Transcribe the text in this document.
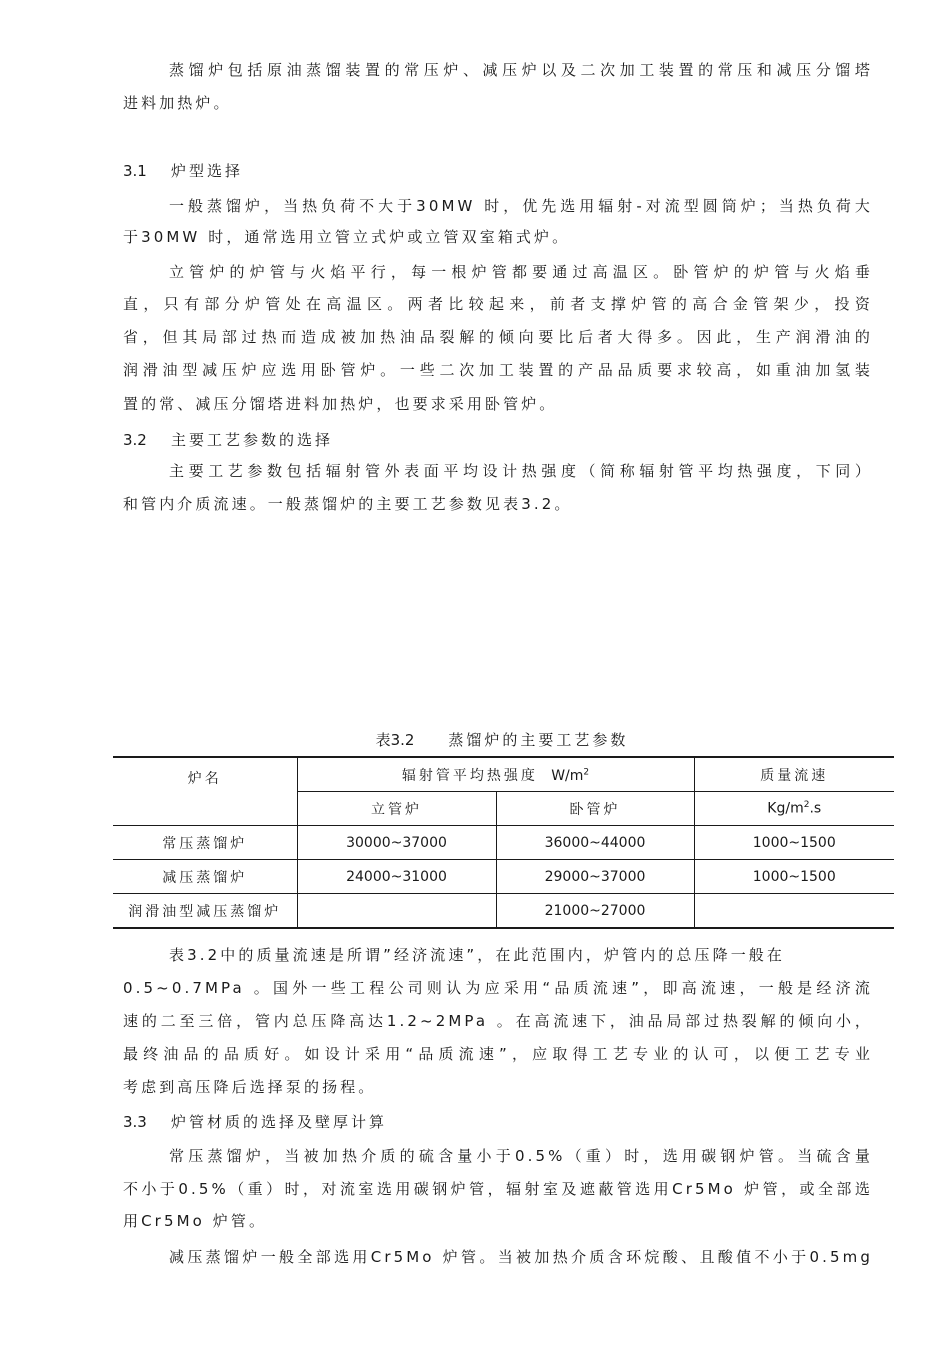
蒸馏炉包括原油蒸馏装置的常压炉、减压炉以及二次加工装置的常压和减压分馏塔
进料加热炉。
3.1 炉型选择
一般蒸馏炉，当热负荷不大于30MW 时，优先选用辐射-对流型圆筒炉；当热负荷大
于30MW 时，通常选用立管立式炉或立管双室箱式炉。
立管炉的炉管与火焰平行，每一根炉管都要通过高温区。卧管炉的炉管与火焰垂
直，只有部分炉管处在高温区。两者比较起来，前者支撑炉管的高合金管架少，投资
省，但其局部过热而造成被加热油品裂解的倾向要比后者大得多。因此，生产润滑油的
润滑油型减压炉应选用卧管炉。一些二次加工装置的产品品质要求较高，如重油加氢装
置的常、减压分馏塔进料加热炉，也要求采用卧管炉。
3.2 主要工艺参数的选择
主要工艺参数包括辐射管外表面平均设计热强度（简称辐射管平均热强度，下同）
和管内介质流速。一般蒸馏炉的主要工艺参数见表3.2。
表3.2 蒸馏炉的主要工艺参数
炉名	辐射管平均热强度 $W/m^2$		质量流速
	立管炉	卧管炉	$Kg/m^2.s$
常压蒸馏炉	30000~37000	36000~44000	1000~1500
减压蒸馏炉	24000~31000	29000~37000	1000~1500
润滑油型减压蒸馏炉		21000~27000	
表3.2中的质量流速是所谓”经济流速”，在此范围内，炉管内的总压降一般在
0.5~0.7MPa 。国外一些工程公司则认为应采用“品质流速”，即高流速，一般是经济流
速的二至三倍，管内总压降高达1.2~2MPa 。在高流速下，油品局部过热裂解的倾向小，
最终油品的品质好。如设计采用“品质流速”，应取得工艺专业的认可，以便工艺专业
考虑到高压降后选择泵的扬程。
3.3 炉管材质的选择及壁厚计算
常压蒸馏炉，当被加热介质的硫含量小于0.5%（重）时，选用碳钢炉管。当硫含量
不小于0.5%（重）时，对流室选用碳钢炉管，辐射室及遮蔽管选用Cr5Mo 炉管，或全部选
用Cr5Mo 炉管。
减压蒸馏炉一般全部选用Cr5Mo 炉管。当被加热介质含环烷酸、且酸值不小于0.5mg
